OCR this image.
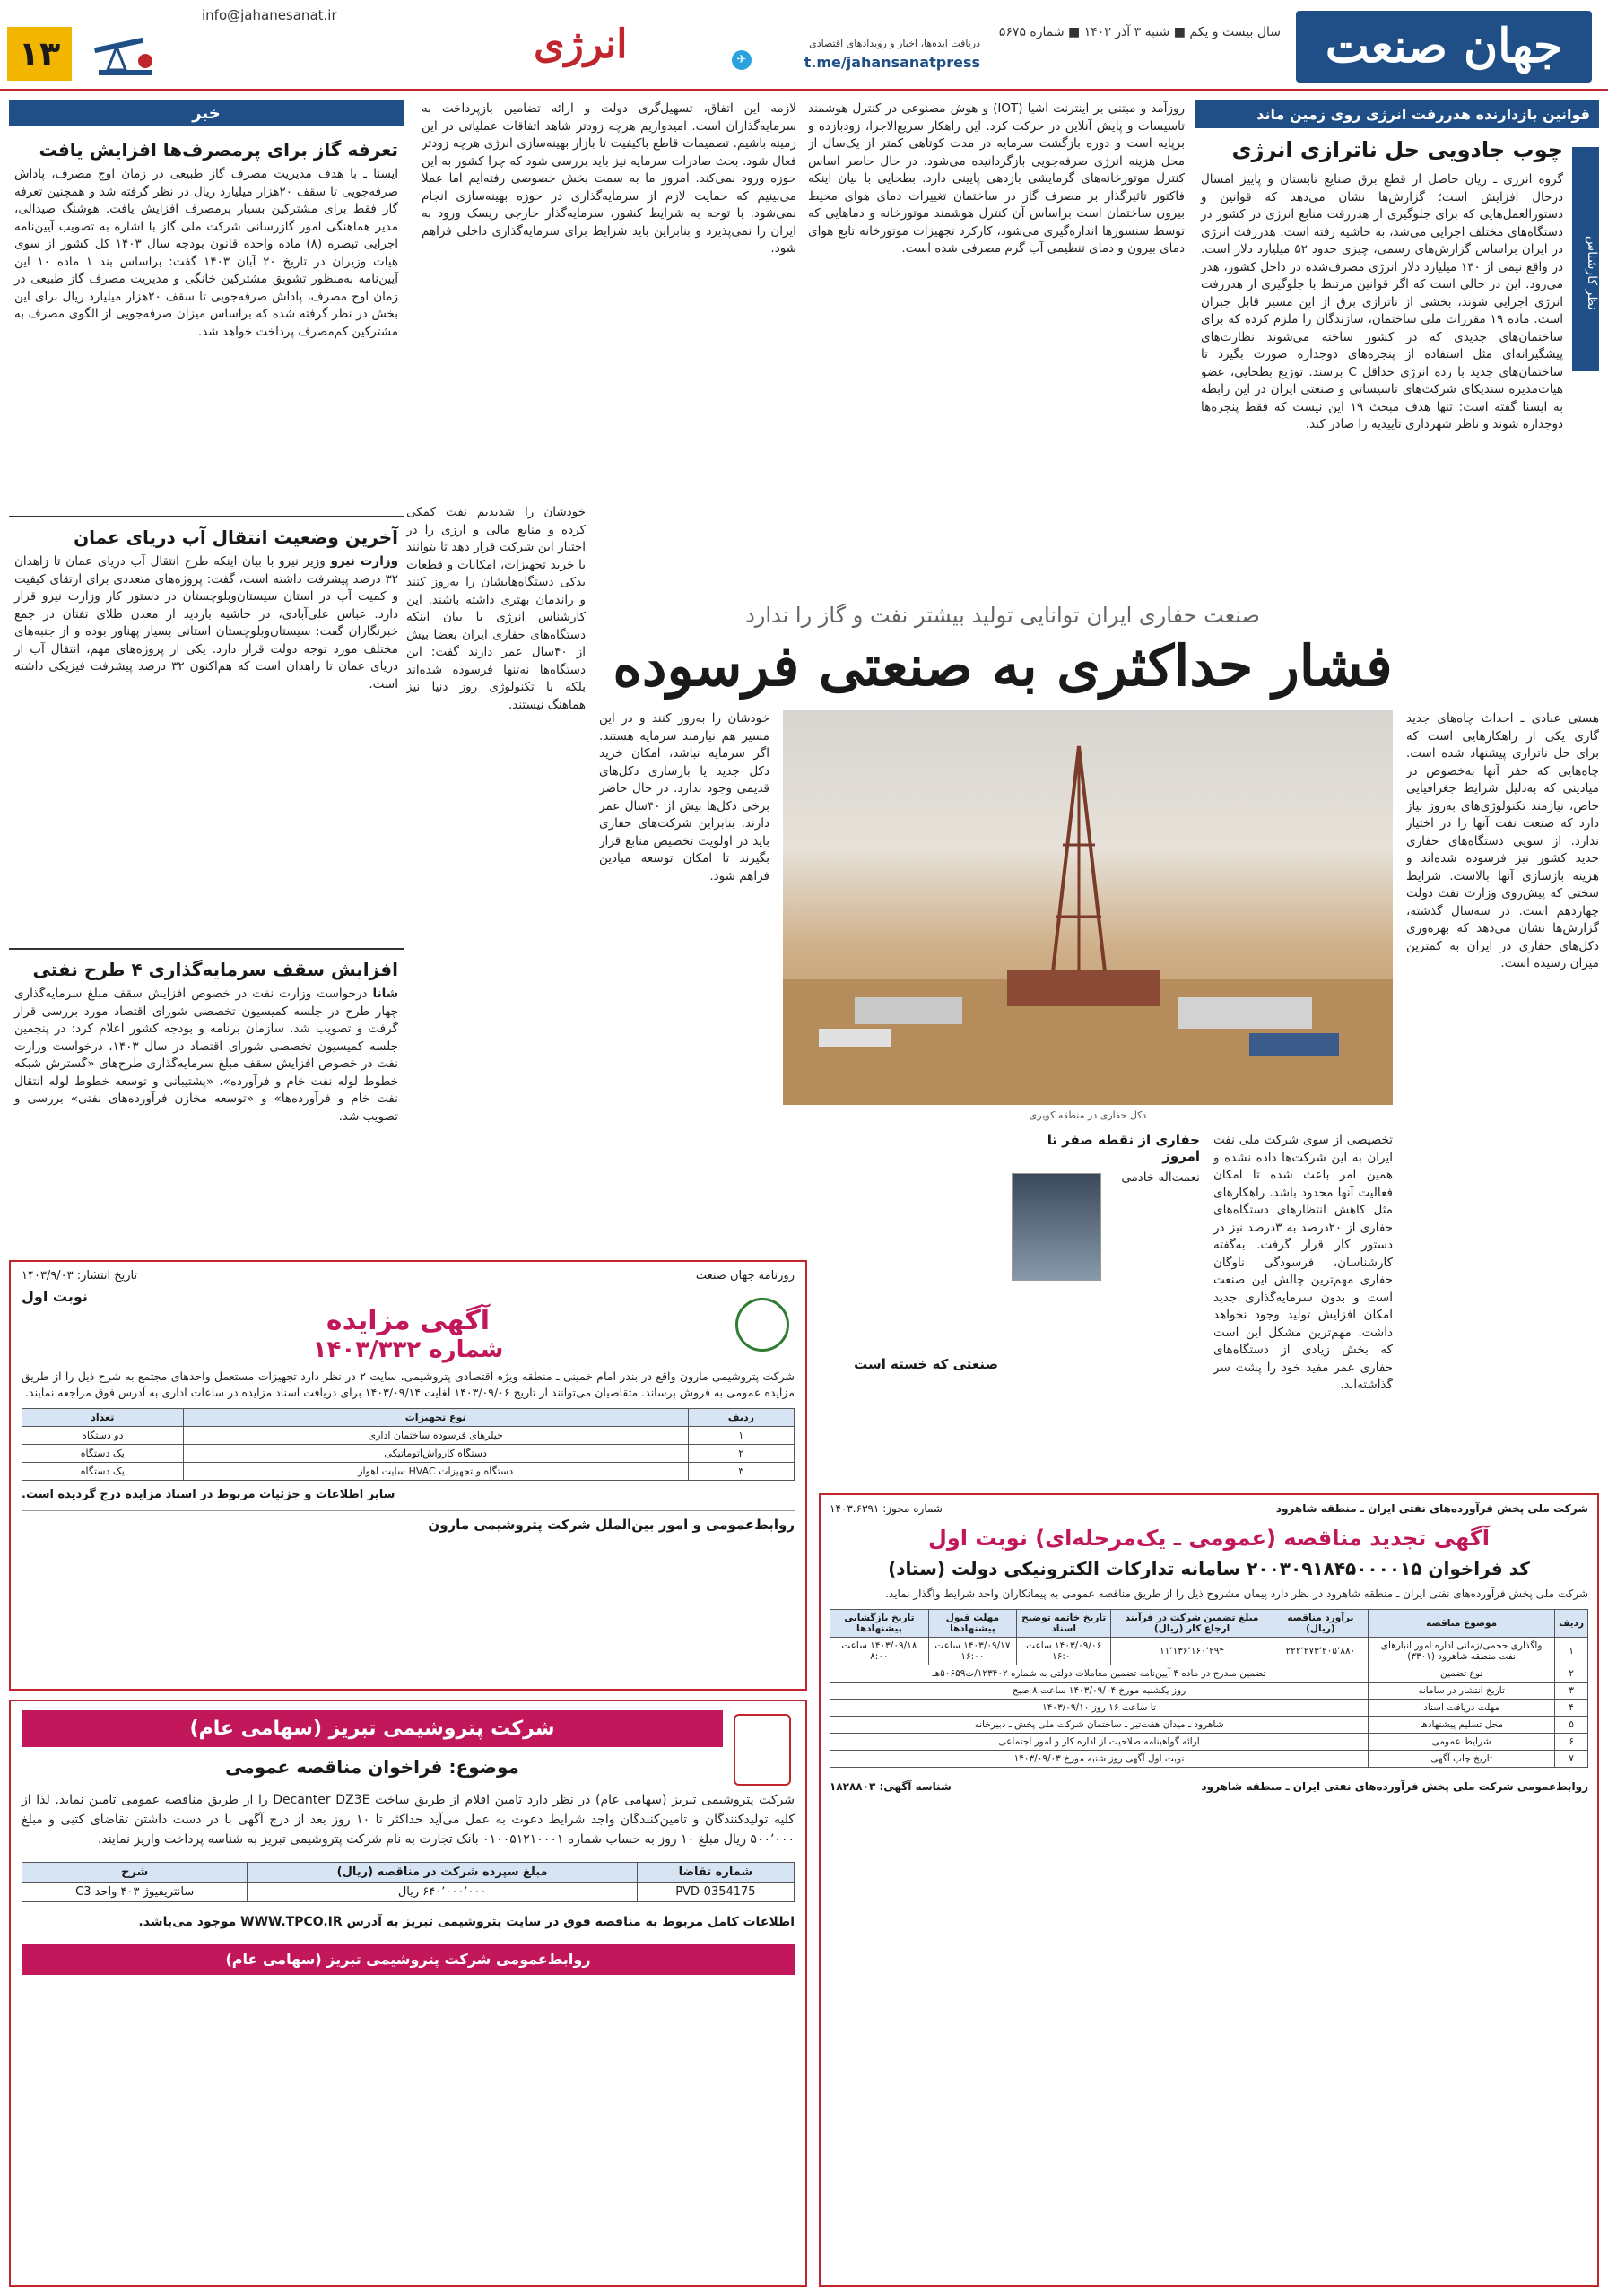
جهان صنعت
سال بیست و یکم ■ شنبه ۳ آذر ۱۴۰۳ ■ شماره ۵۶۷۵
دریافت ایده‌ها، اخبار و رویدادهای اقتصادی
t.me/jahansanatpress
✈
انرژی
info@jahanesanat.ir
۱۳
قوانین بازدارنده هدررفت انرژی روی زمین ماند
چوب جادویی حل ناترازی انرژی
نظر کارشناس
گروه انرژی ـ زیان حاصل از قطع برق صنایع تابستان و پاییز امسال درحال افزایش است؛ گزارش‌ها نشان می‌دهد که قوانین و دستورالعمل‌هایی که برای جلوگیری از هدررفت منابع انرژی در کشور در دستگاه‌های مختلف اجرایی می‌شد، به حاشیه رفته است. هدررفت انرژی در ایران براساس گزارش‌های رسمی، چیزی حدود ۵۲ میلیارد دلار است. در واقع نیمی از ۱۴۰ میلیارد دلار انرژی مصرف‌شده در داخل کشور، هدر می‌رود. این در حالی است که اگر قوانین مرتبط با جلوگیری از هدررفت انرژی اجرایی شوند، بخشی از ناترازی برق از این مسیر قابل جبران است. ماده ۱۹ مقررات ملی ساختمان، سازندگان را ملزم کرده که برای ساختمان‌های جدیدی که در کشور ساخته می‌شوند نظارت‌های پیشگیرانه‌ای مثل استفاده از پنجره‌های دوجداره صورت بگیرد تا ساختمان‌های جدید با رده انرژی حداقل C برسند. توزیع بطحایی، عضو هیات‌مدیره سندیکای شرکت‌های تاسیساتی و صنعتی ایران در این رابطه به ایسنا گفته است: تنها هدف مبحث ۱۹ این نیست که فقط پنجره‌ها دوجداره شوند و ناظر شهرداری تاییدیه را صادر کند.
روزآمد و مبتنی بر اینترنت اشیا (IOT) و هوش مصنوعی در کنترل هوشمند تاسیسات و پایش آنلاین در حرکت کرد. این راهکار سریع‌الاجرا، زودبازده و برپایه است و دوره بازگشت سرمایه در مدت کوتاهی کمتر از یک‌سال از محل هزینه انرژی صرفه‌جویی بازگردانیده می‌شود. در حال حاضر اساس کنترل موتورخانه‌های گرمایشی بازدهی پایینی دارد. بطحایی با بیان اینکه فاکتور تاثیرگذار بر مصرف گاز در ساختمان تغییرات دمای هوای محیط بیرون ساختمان است براساس آن کنترل هوشمند موتورخانه و دماهایی که توسط سنسورها اندازه‌گیری می‌شود، کارکرد تجهیزات موتورخانه تابع هوای دمای بیرون و دمای تنظیمی آب گرم مصرفی شده است.
لازمه این اتفاق، تسهیل‌گری دولت و ارائه تضامین بازپرداخت به سرمایه‌گذاران است. امیدواریم هرچه زودتر شاهد اتفاقات عملیاتی در این زمینه باشیم. تصمیمات قاطع باکیفیت تا بازار بهینه‌سازی انرژی هرچه زودتر فعال شود. بحث صادرات سرمایه نیز باید بررسی شود که چرا کشور به این حوزه ورود نمی‌کند. امروز ما به سمت بخش خصوصی رفته‌ایم اما عملا می‌بینیم که حمایت لازم از سرمایه‌گذاری در حوزه بهینه‌سازی انجام نمی‌شود. با توجه به شرایط کشور، سرمایه‌گذار خارجی ریسک ورود به ایران را نمی‌پذیرد و بنابراین باید شرایط برای سرمایه‌گذاری داخلی فراهم شود.
خبر
تعرفه گاز برای پرمصرف‌ها افزایش یافت
ایسنا ـ با هدف مدیریت مصرف گاز طبیعی در زمان اوج مصرف، پاداش صرفه‌جویی تا سقف ۲۰هزار میلیارد ریال در نظر گرفته شد و همچنین تعرفه گاز فقط برای مشترکین بسیار پرمصرف افزایش یافت. هوشنگ صیدالی، مدیر هماهنگی امور گازرسانی شرکت ملی گاز با اشاره به تصویب آیین‌نامه اجرایی تبصره (۸) ماده واحده قانون بودجه سال ۱۴۰۳ کل کشور از سوی هیات وزیران در تاریخ ۲۰ آبان ۱۴۰۳ گفت: براساس بند ۱ ماده ۱۰ این آیین‌نامه به‌منظور تشویق مشترکین خانگی و مدیریت مصرف گاز طبیعی در زمان اوج مصرف، پاداش صرفه‌جویی تا سقف ۲۰هزار میلیارد ریال برای این بخش در نظر گرفته شده که براساس میزان صرفه‌جویی از الگوی مصرف به مشترکین کم‌مصرف پرداخت خواهد شد.
آخرین وضعیت انتقال آب دریای عمان
وزارت نیرو وزیر نیرو با بیان اینکه طرح انتقال آب دریای عمان تا زاهدان ۳۲ درصد پیشرفت داشته است، گفت: پروژه‌های متعددی برای ارتقای کیفیت و کمیت آب در استان سیستان‌وبلوچستان در دستور کار وزارت نیرو قرار دارد. عباس علی‌آبادی، در حاشیه بازدید از معدن طلای تفتان در جمع خبرنگاران گفت: سیستان‌وبلوچستان استانی بسیار پهناور بوده و از جنبه‌های مختلف مورد توجه دولت قرار دارد. یکی از پروژه‌های مهم، انتقال آب از دریای عمان تا زاهدان است که هم‌اکنون ۳۲ درصد پیشرفت فیزیکی داشته است.
افزایش سقف سرمایه‌گذاری ۴ طرح نفتی
شانا درخواست وزارت نفت در خصوص افزایش سقف مبلغ سرمایه‌گذاری چهار طرح در جلسه کمیسیون تخصصی شورای اقتصاد مورد بررسی قرار گرفت و تصویب شد. سازمان برنامه و بودجه کشور اعلام کرد: در پنجمین جلسه کمیسیون تخصصی شورای اقتصاد در سال ۱۴۰۳، درخواست وزارت نفت در خصوص افزایش سقف مبلغ سرمایه‌گذاری طرح‌های «گسترش شبکه خطوط لوله نفت خام و فرآورده»، «پشتیبانی و توسعه خطوط لوله انتقال نفت خام و فرآورده‌ها» و «توسعه مخازن فرآورده‌های نفتی» بررسی و تصویب شد.
صنعت حفاری ایران توانایی تولید بیشتر نفت و گاز را ندارد
فشار حداکثری به صنعتی فرسوده
هستی عبادی ـ احداث چاه‌های جدید گازی یکی از راهکارهایی است که برای حل ناترازی پیشنهاد شده است. چاه‌هایی که حفر آنها به‌خصوص در میادینی که به‌دلیل شرایط جغرافیایی خاص، نیازمند تکنولوژی‌های به‌روز نیاز دارد که صنعت نفت آنها را در اختیار ندارد. از سویی دستگاه‌های حفاری جدید کشور نیز فرسوده شده‌اند و هزینه بازسازی آنها بالاست. شرایط سختی که پیش‌روی وزارت نفت دولت چهاردهم است. در سه‌سال گذشته، گزارش‌ها نشان می‌دهد که بهره‌وری دکل‌های حفاری در ایران به کمترین میزان رسیده است.
دکل حفاری در منطقه کویری
خودشان را به‌روز کنند و در این مسیر هم نیازمند سرمایه هستند. اگر سرمایه نباشد، امکان خرید دکل جدید یا بازسازی دکل‌های قدیمی وجود ندارد. در حال حاضر برخی دکل‌ها بیش از ۴۰سال عمر دارند. بنابراین شرکت‌های حفاری باید در اولویت تخصیص منابع قرار بگیرند تا امکان توسعه میادین فراهم شود.
خودشان را شدیدیم نفت کمکی کرده و منابع مالی و ارزی را در اختیار این شرکت قرار دهد تا بتوانند با خرید تجهیزات، امکانات و قطعات یدکی دستگاه‌هایشان را به‌روز کنند و راندمان بهتری داشته باشند. این کارشناس انرژی با بیان اینکه دستگاه‌های حفاری ایران بعضا بیش از ۴۰سال عمر دارند گفت: این دستگاه‌ها نه‌تنها فرسوده شده‌اند بلکه با تکنولوژی روز دنیا نیز هماهنگ نیستند.
تخصیصی از سوی شرکت ملی نفت ایران به این شرکت‌ها داده نشده و همین امر باعث شده تا امکان فعالیت آنها محدود باشد. راهکارهای مثل کاهش انتظارهای دستگاه‌های حفاری از ۲۰درصد به ۳درصد نیز در دستور کار قرار گرفت. به‌گفته کارشناسان، فرسودگی ناوگان حفاری مهم‌ترین چالش این صنعت است و بدون سرمایه‌گذاری جدید امکان افزایش تولید وجود نخواهد داشت. مهم‌ترین مشکل این است که بخش زیادی از دستگاه‌های حفاری عمر مفید خود را پشت سر گذاشته‌اند.
حفاری از نقطه صفر تا امروز
نعمت‌اله خادمی
صنعتی که خسته است
روزنامه جهان صنعت
تاریخ انتشار: ۱۴۰۳/۹/۰۳
نوبت اول
آگهی مزایده
شماره ۱۴۰۳/۳۳۲
شرکت پتروشیمی مارون واقع در بندر امام خمینی ـ منطقه ویژه اقتصادی پتروشیمی، سایت ۲ در نظر دارد تجهیزات مستعمل واحدهای مجتمع به شرح ذیل را از طریق مزایده عمومی به فروش برساند. متقاضیان می‌توانند از تاریخ ۱۴۰۳/۰۹/۰۶ لغایت ۱۴۰۳/۰۹/۱۴ برای دریافت اسناد مزایده در ساعات اداری به آدرس فوق مراجعه نمایند.
ردیف	نوع تجهیزات	تعداد
۱	چیلرهای فرسوده ساختمان اداری	دو دستگاه
۲	دستگاه کارواش‌اتوماتیکی	یک دستگاه
۳	دستگاه و تجهیزات HVAC سایت اهواز	یک دستگاه
سایر اطلاعات و جزئیات مربوط در اسناد مزایده درج گردیده است.
روابط‌عمومی و امور بین‌الملل شرکت پتروشیمی مارون
شرکت پتروشیمی تبریز (سهامی عام)
موضوع: فراخوان مناقصه عمومی
شرکت پتروشیمی تبریز (سهامی عام) در نظر دارد تامین اقلام از طریق ساخت Decanter DZ3E را از طریق مناقصه عمومی تامین نماید. لذا از کلیه تولیدکنندگان و تامین‌کنندگان واجد شرایط دعوت به عمل می‌آید حداکثر تا ۱۰ روز بعد از درج آگهی با در دست داشتن تقاضای کتبی و مبلغ ۵۰۰٬۰۰۰ ریال مبلغ ۱۰ روز به حساب شماره ۰۱۰۰۵۱۲۱۰۰۰۱ بانک تجارت به نام شرکت پتروشیمی تبریز به شناسه پرداخت واریز نمایند.
شماره تقاضا	مبلغ سپرده شرکت در مناقصه (ریال)	شرح
PVD-0354175	۶۴۰٬۰۰۰٬۰۰۰ ریال	سانتریفیوژ ۴۰۳ واحد C3
اطلاعات کامل مربوط به مناقصه فوق در سایت پتروشیمی تبریز به آدرس WWW.TPCO.IR موجود می‌باشد.
روابط‌عمومی شرکت پتروشیمی تبریز (سهامی عام)
شرکت ملی پخش فرآورده‌های نفتی ایران ـ منطقه شاهرود
شماره مجوز: ۱۴۰۳.۶۳۹۱
آگهی تجدید مناقصه (عمومی ـ یک‌مرحله‌ای) نوبت اول
کد فراخوان ۲۰۰۳۰۹۱۸۴۵۰۰۰۰۱۵ سامانه تدارکات الکترونیکی دولت (ستاد)
شرکت ملی پخش فرآورده‌های نفتی ایران ـ منطقه شاهرود در نظر دارد پیمان مشروح ذیل را از طریق مناقصه عمومی به پیمانکاران واجد شرایط واگذار نماید.
ردیف	موضوع مناقصه	برآورد مناقصه (ریال)	مبلغ تضمین شرکت در فرآیند ارجاع کار (ریال)	تاریخ خاتمه توضیح اسناد	مهلت قبول پیشنهادها	تاریخ بازگشایی پیشنهادها
۱	واگذاری حجمی/زمانی اداره امور انبارهای نفت منطقه شاهرود (۳۳۰۱)	۲۲۲٬۲۷۳٬۲۰۵٬۸۸۰	۱۱٬۱۳۶٬۱۶۰٬۲۹۴	۱۴۰۳/۰۹/۰۶ ساعت ۱۶:۰۰	۱۴۰۳/۰۹/۱۷ ساعت ۱۶:۰۰	۱۴۰۳/۰۹/۱۸ ساعت ۸:۰۰
۲	نوع تضمین	تضمین مندرج در ماده ۴ آیین‌نامه تضمین معاملات دولتی به شماره ۱۲۳۴۰۲/ت۵۰۶۵۹هـ				
۳	تاریخ انتشار در سامانه	روز یکشنبه مورخ ۱۴۰۳/۰۹/۰۴ ساعت ۸ صبح				
۴	مهلت دریافت اسناد	تا ساعت ۱۶ روز ۱۴۰۳/۰۹/۱۰				
۵	محل تسلیم پیشنهادها	شاهرود ـ میدان هفت‌تیر ـ ساختمان شرکت ملی پخش ـ دبیرخانه				
۶	شرایط عمومی	ارائه گواهینامه صلاحیت از اداره کار و امور اجتماعی				
۷	تاریخ چاپ آگهی	نوبت اول آگهی روز شنبه مورخ ۱۴۰۳/۰۹/۰۳				
روابط‌عمومی شرکت ملی پخش فرآورده‌های نفتی ایران ـ منطقه شاهرود
شناسه آگهی: ۱۸۲۸۸۰۳
